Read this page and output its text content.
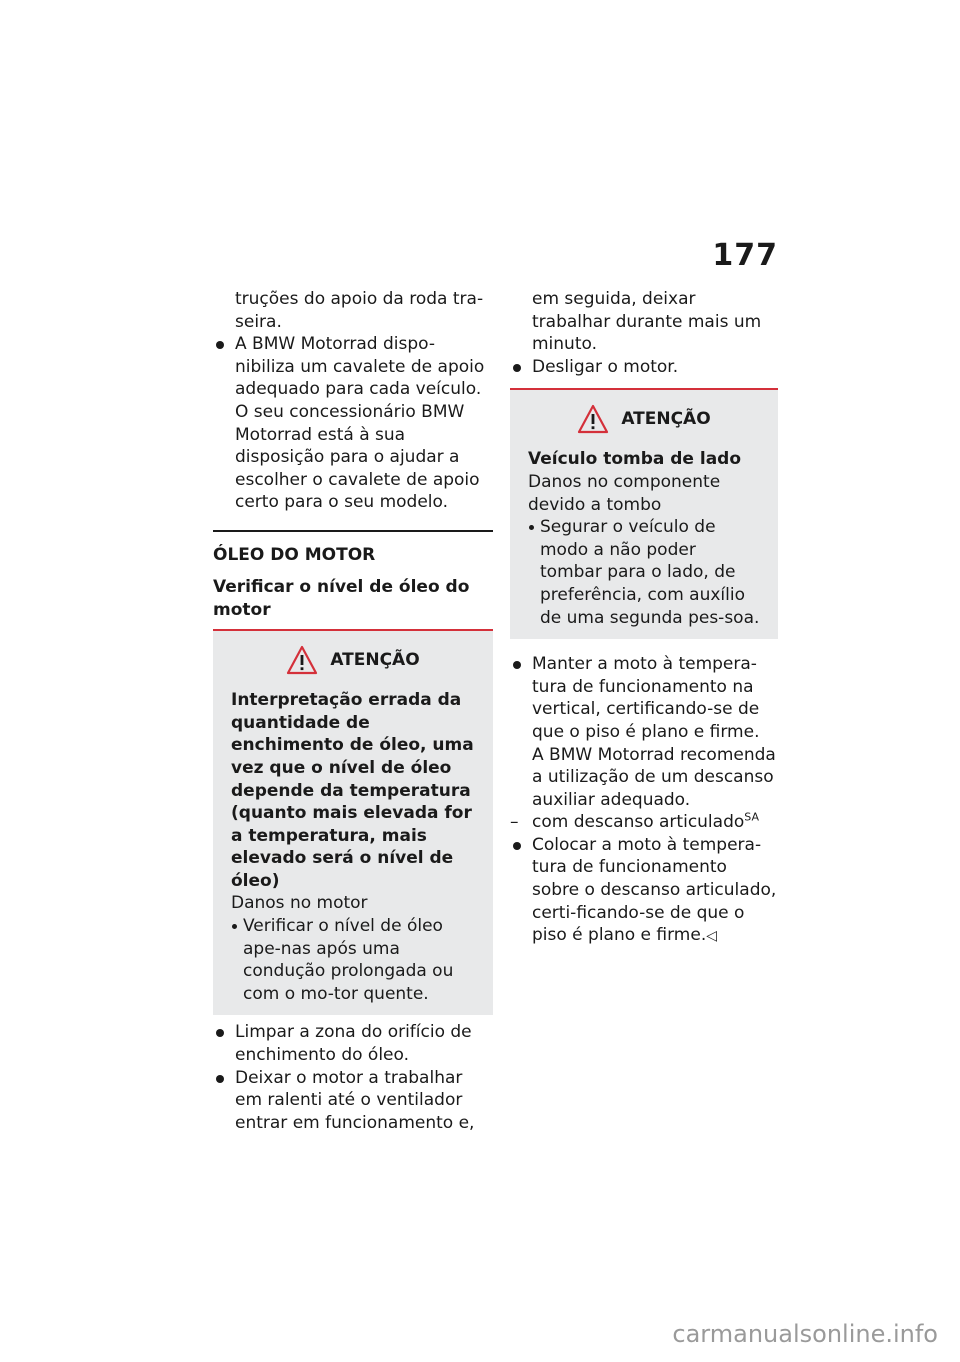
177

truções do apoio da roda tra-seira.

A BMW Motorrad dispo-nibiliza um cavalete de apoio adequado para cada veículo. O seu concessionário BMW Motorrad está à sua disposição para o ajudar a escolher o cavalete de apoio certo para o seu modelo.
ÓLEO DO MOTOR
Verificar o nível de óleo do motor
ATENÇÃO

Interpretação errada da quantidade de enchimento de óleo, uma vez que o nível de óleo depende da temperatura (quanto mais elevada for a temperatura, mais elevado será o nível de óleo)

Danos no motor

Verificar o nível de óleo ape-nas após uma condução prolongada ou com o mo-tor quente.
Limpar a zona do orifício de enchimento do óleo.
Deixar o motor a trabalhar em ralenti até o ventilador entrar em funcionamento e,

em seguida, deixar trabalhar durante mais um minuto.

Desligar o motor.
ATENÇÃO

Veículo tomba de lado

Danos no componente devido a tombo

Segurar o veículo de modo a não poder tombar para o lado, de preferência, com auxílio de uma segunda pes-soa.
Manter a moto à tempera-tura de funcionamento na vertical, certificando-se de que o piso é plano e firme.

A BMW Motorrad recomenda a utilização de um descanso auxiliar adequado.

– com descanso articulado$^{SA}$
Colocar a moto à tempera-tura de funcionamento sobre o descanso articulado, certi-ficando-se de que o piso é plano e firme.◁
carmanualsonline.info
